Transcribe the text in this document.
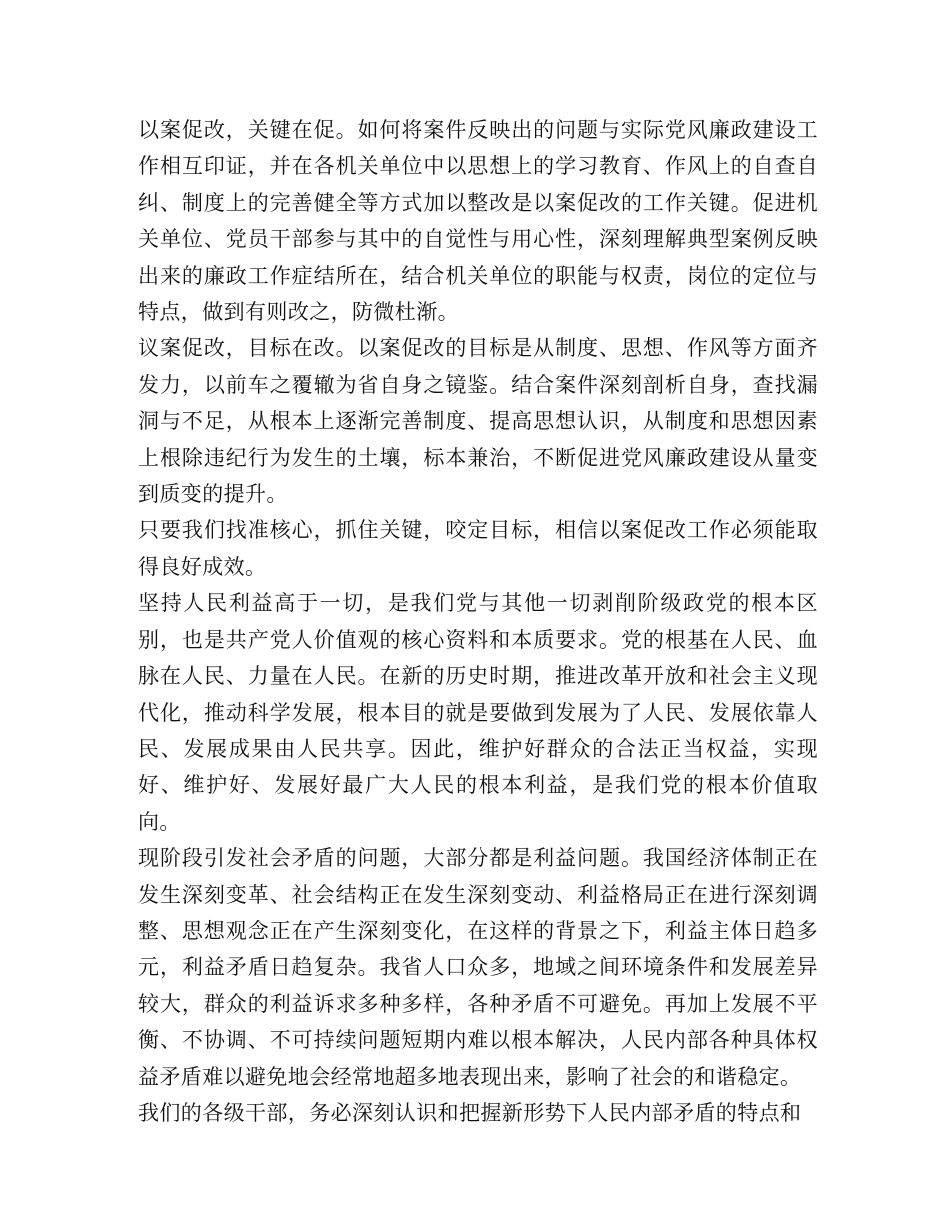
以案促改，关键在促。如何将案件反映出的问题与实际党风廉政建设工作相互印证，并在各机关单位中以思想上的学习教育、作风上的自查自纠、制度上的完善健全等方式加以整改是以案促改的工作关键。促进机关单位、党员干部参与其中的自觉性与用心性，深刻理解典型案例反映出来的廉政工作症结所在，结合机关单位的职能与权责，岗位的定位与特点，做到有则改之，防微杜渐。

议案促改，目标在改。以案促改的目标是从制度、思想、作风等方面齐发力，以前车之覆辙为省自身之镜鉴。结合案件深刻剖析自身，查找漏洞与不足，从根本上逐渐完善制度、提高思想认识，从制度和思想因素上根除违纪行为发生的土壤，标本兼治，不断促进党风廉政建设从量变到质变的提升。

只要我们找准核心，抓住关键，咬定目标，相信以案促改工作必须能取得良好成效。

坚持人民利益高于一切，是我们党与其他一切剥削阶级政党的根本区别，也是共产党人价值观的核心资料和本质要求。党的根基在人民、血脉在人民、力量在人民。在新的历史时期，推进改革开放和社会主义现代化，推动科学发展，根本目的就是要做到发展为了人民、发展依靠人民、发展成果由人民共享。因此，维护好群众的合法正当权益，实现好、维护好、发展好最广大人民的根本利益，是我们党的根本价值取向。

现阶段引发社会矛盾的问题，大部分都是利益问题。我国经济体制正在发生深刻变革、社会结构正在发生深刻变动、利益格局正在进行深刻调整、思想观念正在产生深刻变化，在这样的背景之下，利益主体日趋多元，利益矛盾日趋复杂。我省人口众多，地域之间环境条件和发展差异较大，群众的利益诉求多种多样，各种矛盾不可避免。再加上发展不平衡、不协调、不可持续问题短期内难以根本解决，人民内部各种具体权益矛盾难以避免地会经常地超多地表现出来，影响了社会的和谐稳定。

我们的各级干部，务必深刻认识和把握新形势下人民内部矛盾的特点和
